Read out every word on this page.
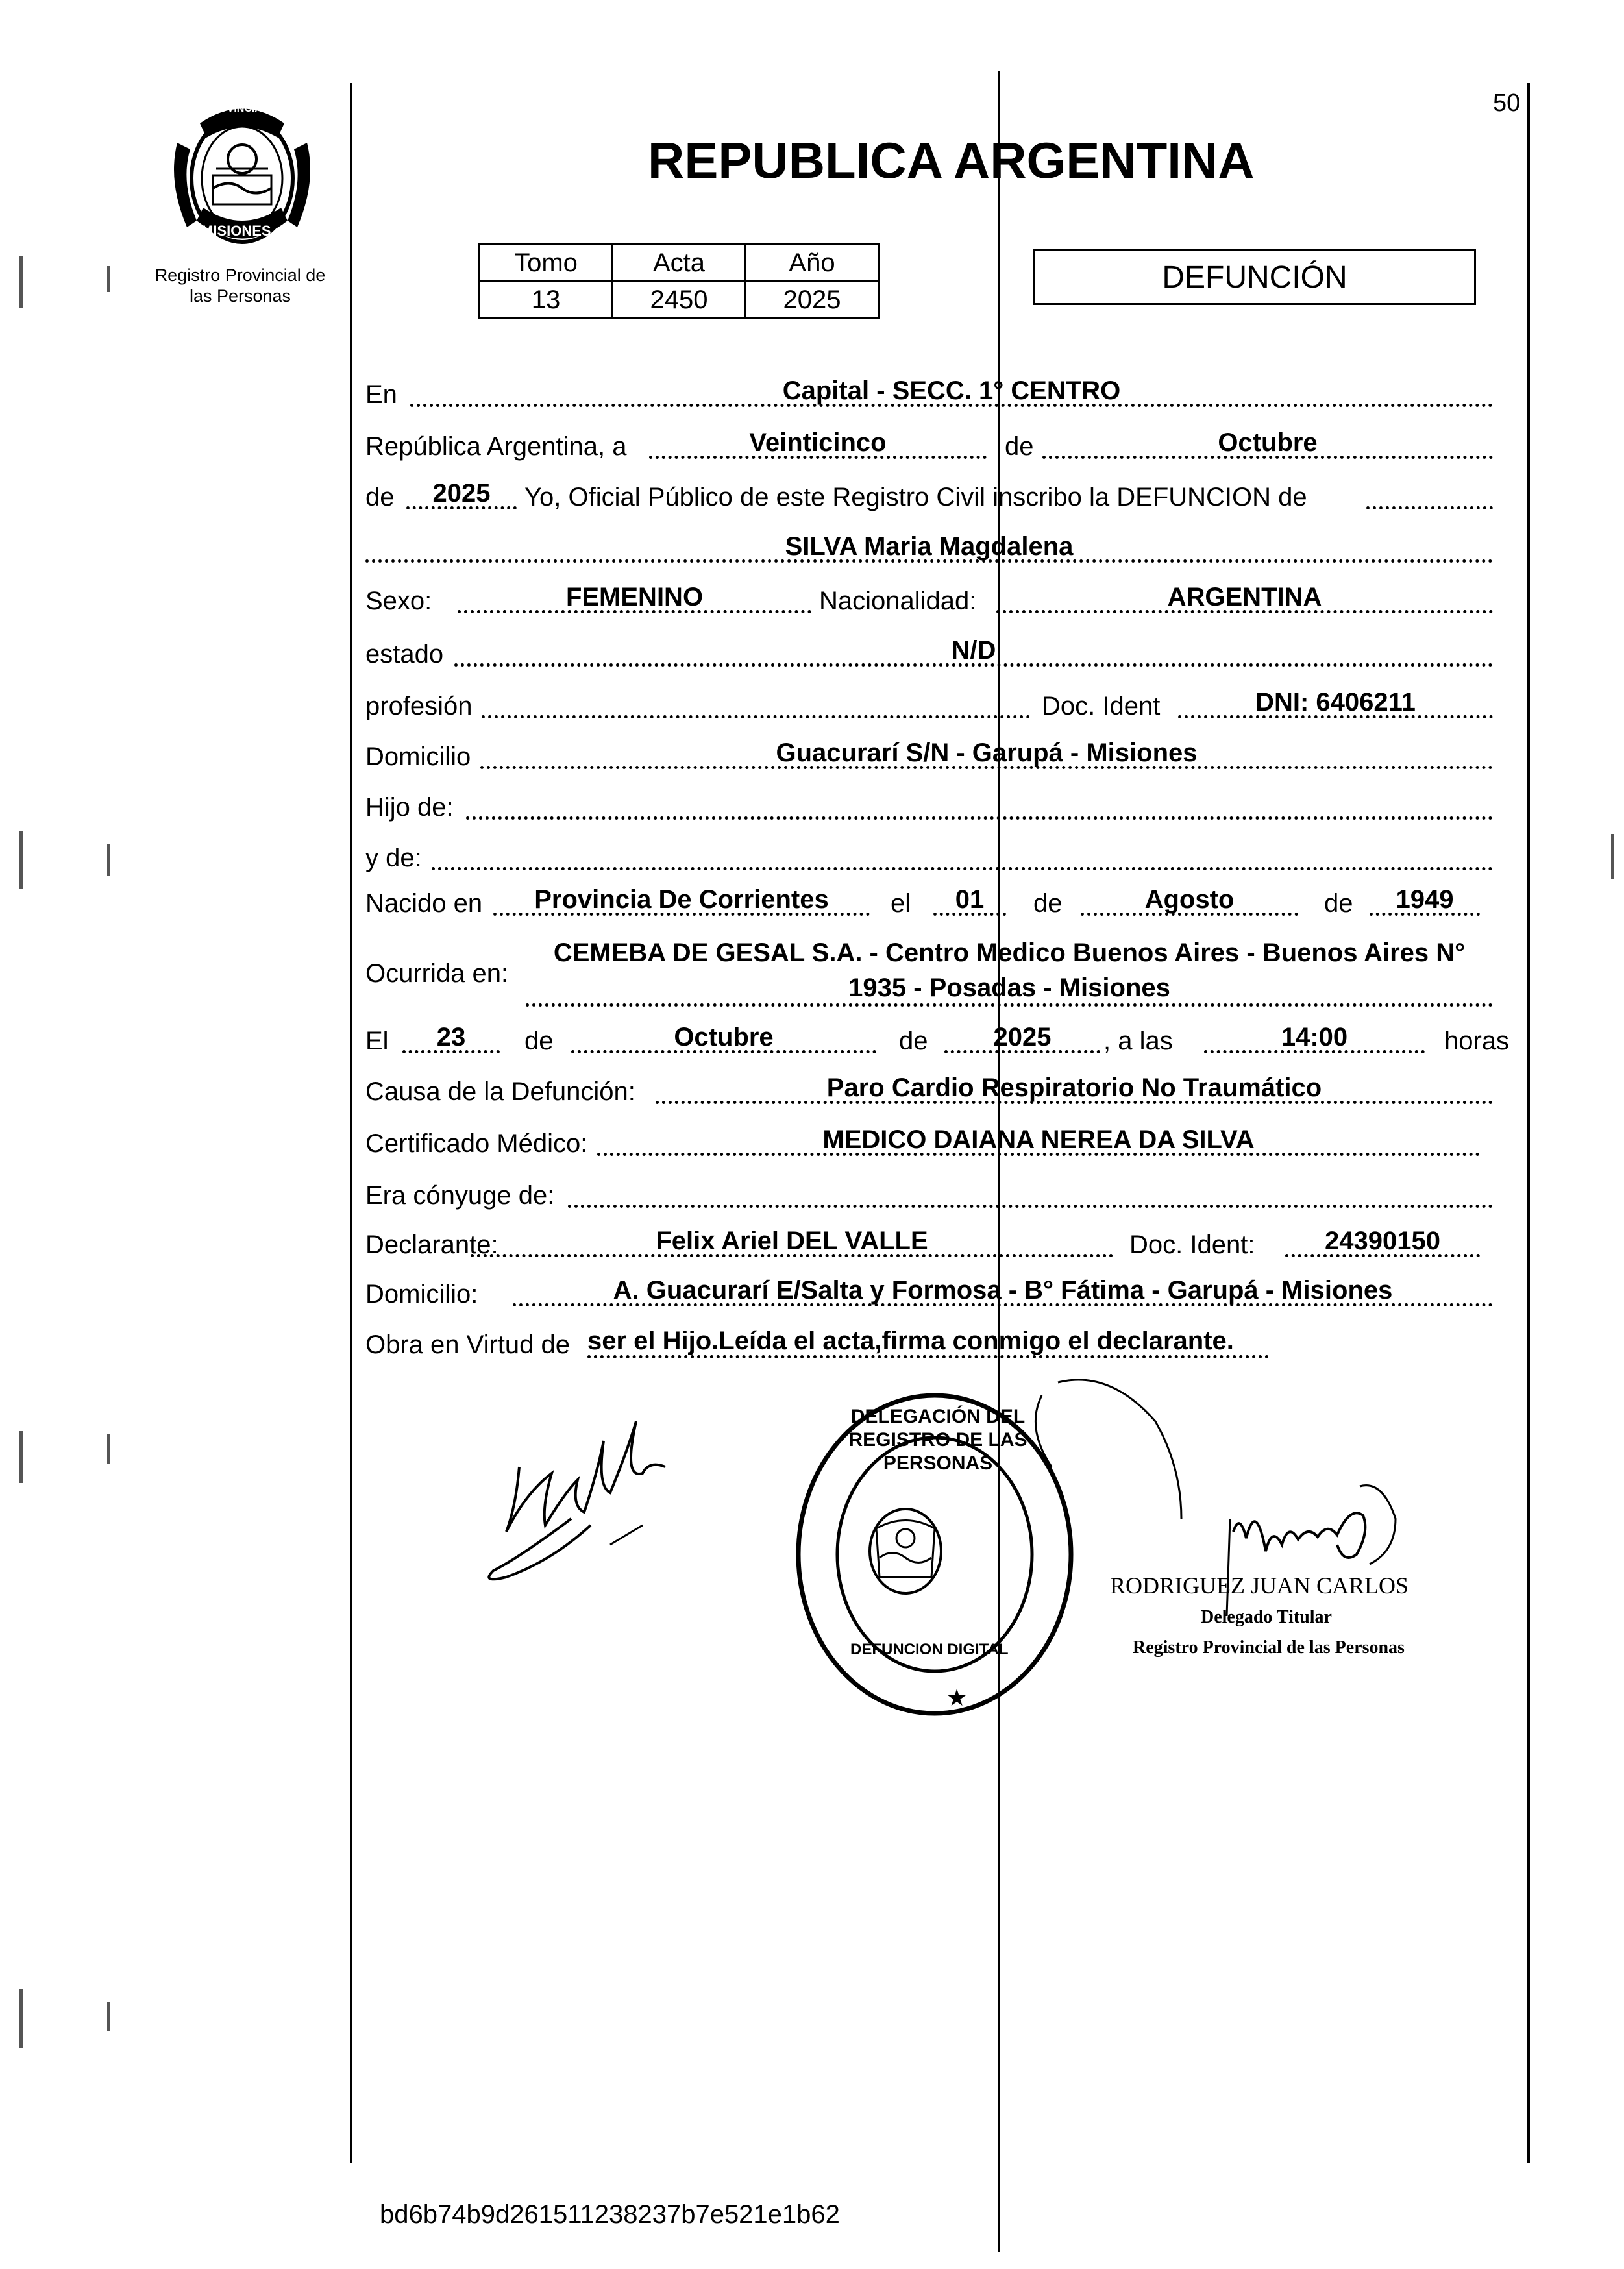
50
PROVINCIA DE
MISIONES
Registro Provincial de las Personas
REPUBLICA ARGENTINA
Tomo	Acta	Año
13	2450	2025
DEFUNCIÓN
En	Capital - SECC. 1° CENTRO
República Argentina, a	Veinticinco	de	Octubre
de	2025	Yo, Oficial Público de este Registro Civil inscribo la DEFUNCION de
SILVA Maria Magdalena
Sexo:	FEMENINO	Nacionalidad:	ARGENTINA
estado	N/D
profesión	Doc. Ident	DNI: 6406211
Domicilio	Guacurarí S/N - Garupá - Misiones
Hijo de:
y de:
Nacido en	Provincia De Corrientes	el	01	de	Agosto	de	1949
Ocurrida en:
CEMEBA DE GESAL S.A. - Centro Medico Buenos Aires - Buenos Aires N°
1935 - Posadas - Misiones
El	23	de	Octubre	de	2025	, a las	14:00	horas
Causa de la Defunción:	Paro Cardio Respiratorio No Traumático
Certificado Médico:	MEDICO DAIANA NEREA DA SILVA
Era cónyuge de:
Declarante:	Felix Ariel DEL VALLE	Doc. Ident:	24390150
Domicilio:	A. Guacurarí E/Salta y Formosa - B° Fátima - Garupá - Misiones
Obra en Virtud de ser el Hijo.Leída el acta,firma conmigo el declarante.
DELEGACIÓN DEL REGISTRO DE LAS PERSONAS
DEFUNCION DIGITAL
★
RODRIGUEZ JUAN CARLOS
Delegado Titular
Registro Provincial de las Personas
bd6b74b9d261511238237b7e521e1b62
